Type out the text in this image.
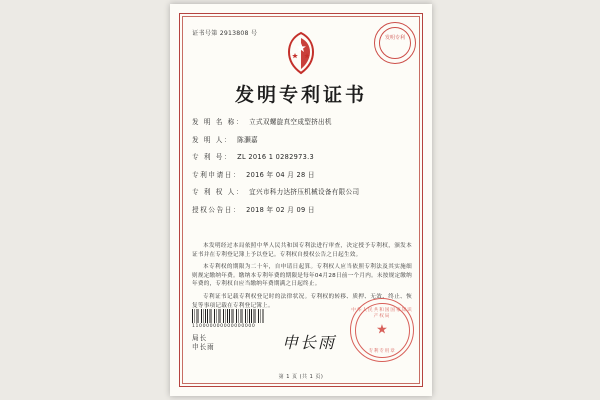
证书号第 2913808 号
发明专利
发明专利证书
发 明 名 称： 立式双螺旋真空成型挤出机
发 明 人： 陈灏嘉
专 利 号： ZL 2016 1 0282973.3
专利申请日： 2016 年 04 月 28 日
专 利 权 人： 宜兴市科力达挤压机械设备有限公司
授权公告日： 2018 年 02 月 09 日

本发明经过本局依照中华人民共和国专利法进行审查，决定授予专利权，颁发本证书并在专利登记簿上予以登记。专利权自授权公告之日起生效。

本专利权的期限为二十年，自申请日起算。专利权人应当依照专利法及其实施细则规定缴纳年费。缴纳本专利年费的期限是每年04月28日前一个月内。未按规定缴纳年费的，专利权自应当缴纳年费期满之日起终止。

专利证书记载专利权登记时的法律状况。专利权的转移、质押、无效、终止、恢复等事项记载在专利登记簿上。

110000000000000000
局长
申长雨	申长雨
中华人民共和国国家知识产权局
★
专利专用章
第 1 页 (共 1 页)
